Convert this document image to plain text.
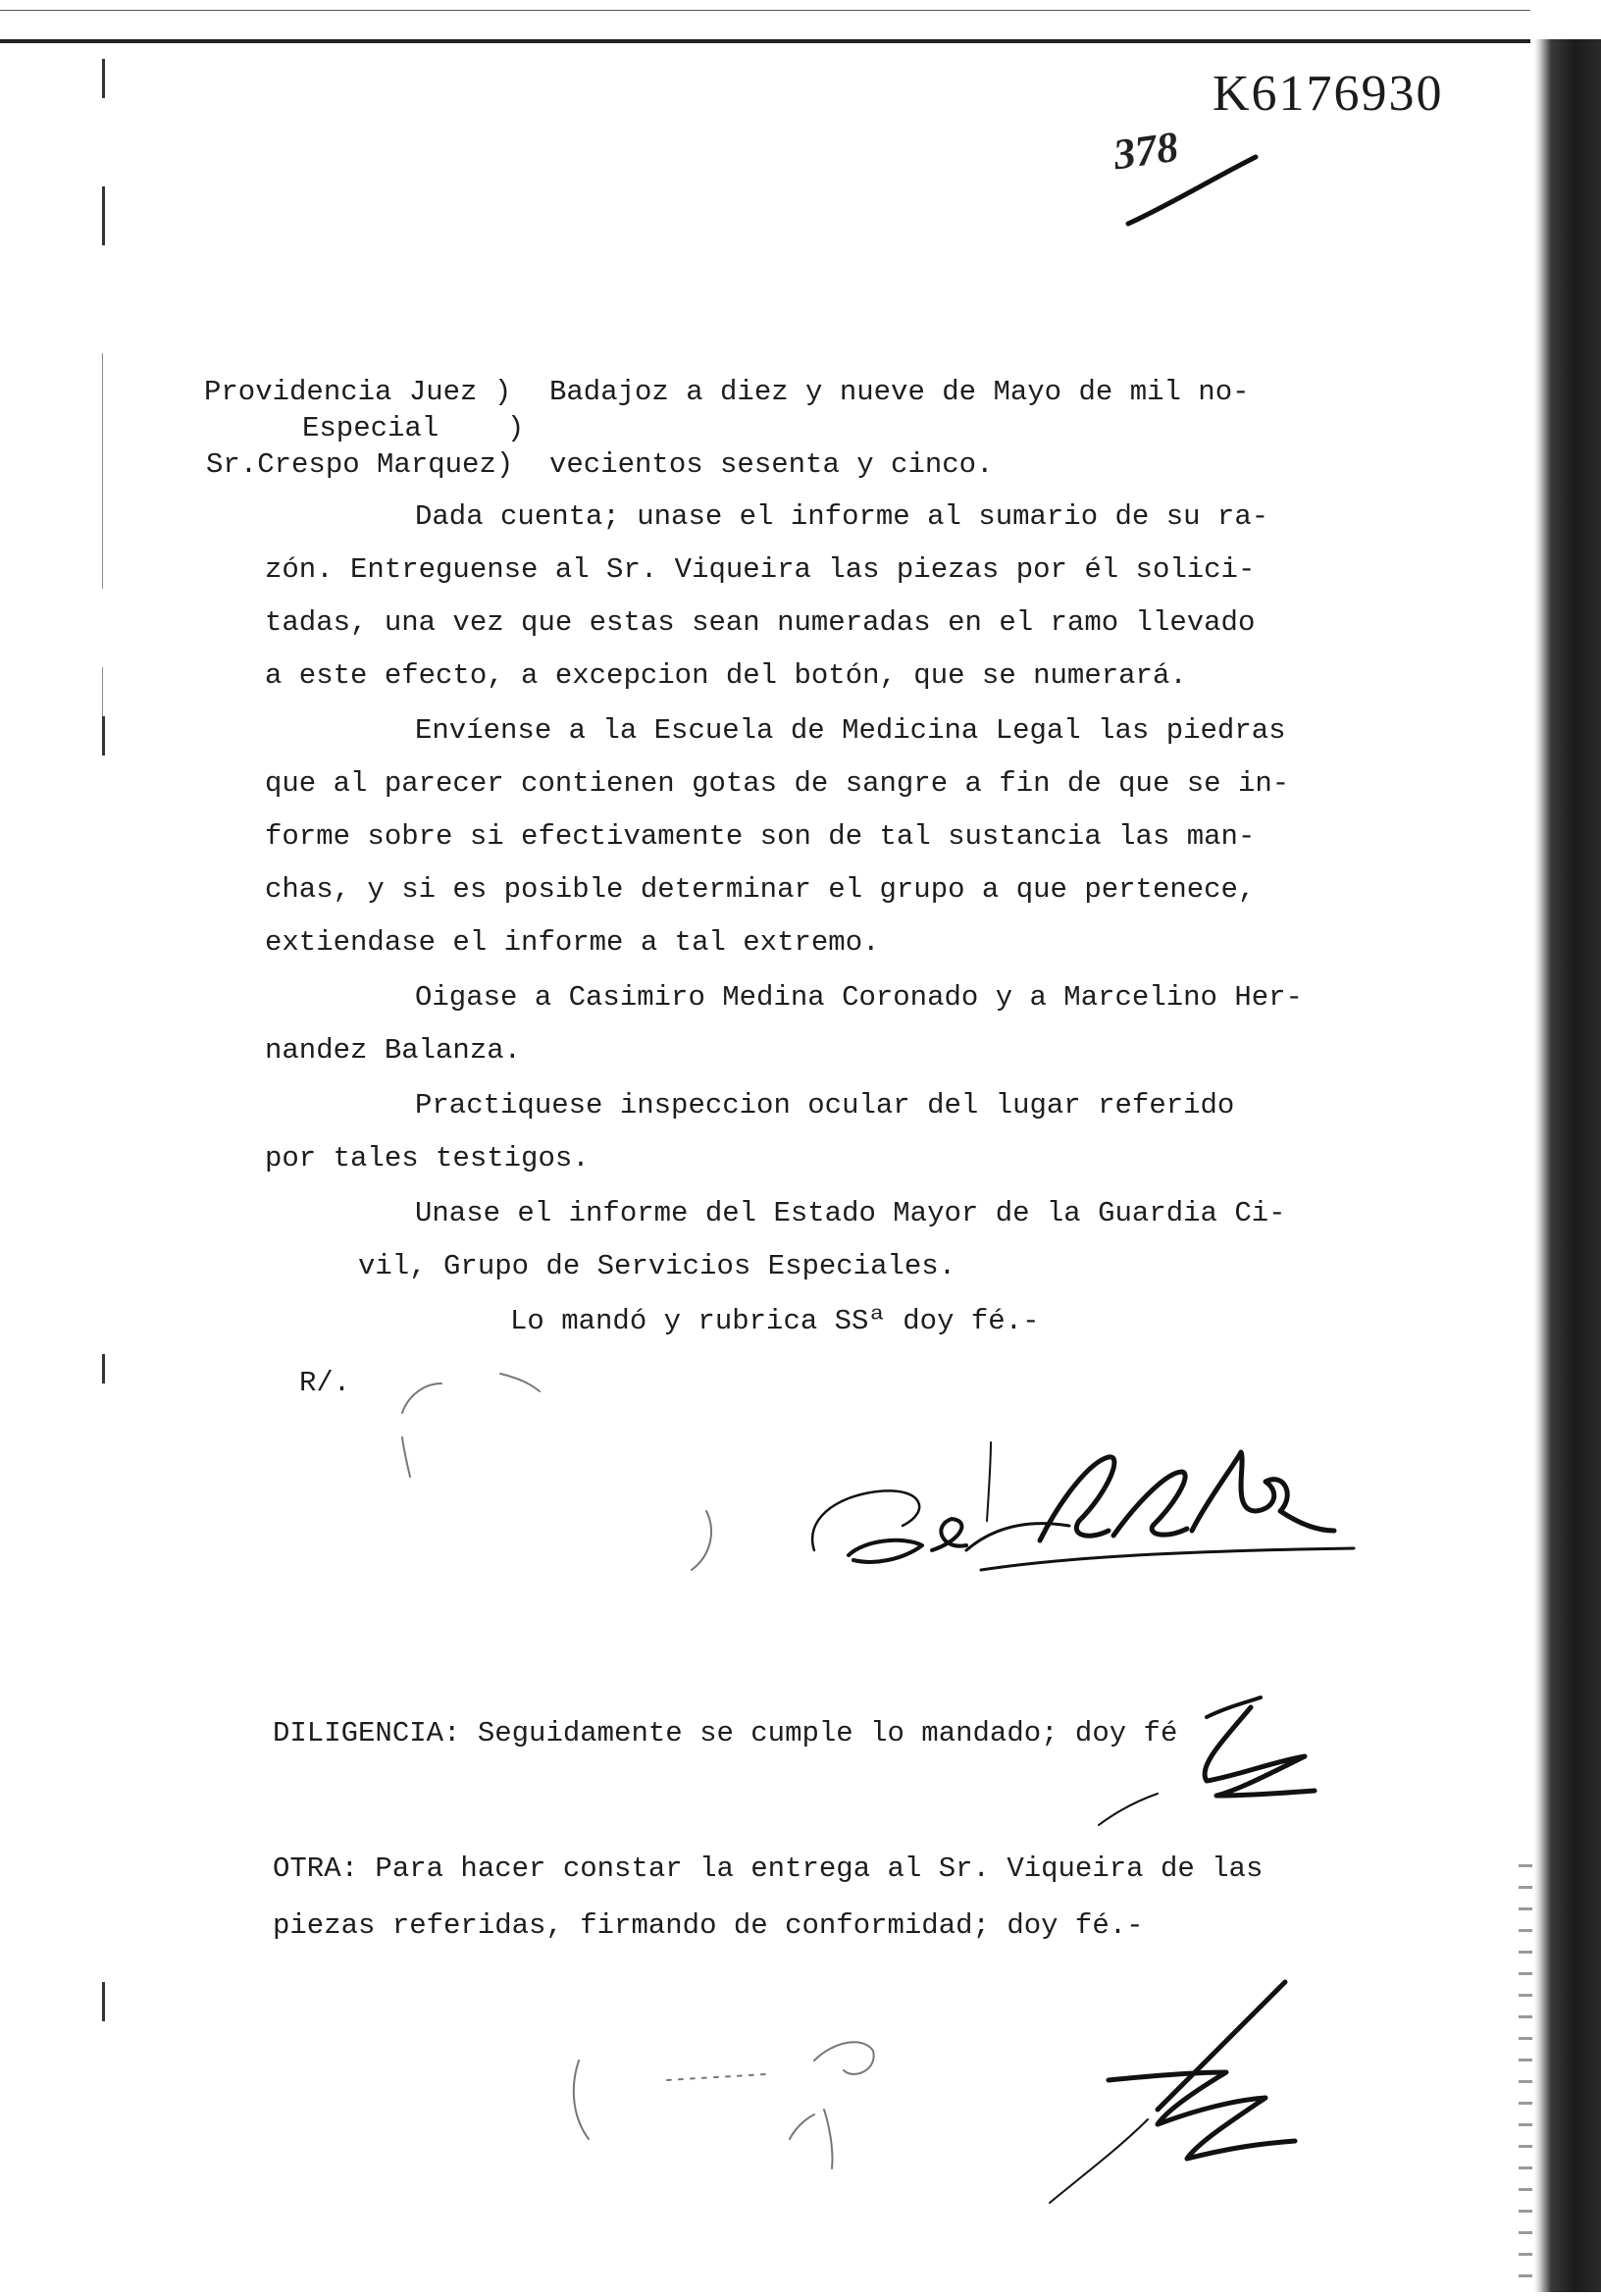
K6176930
378
Providencia Juez ) Badajoz a diez y nueve de Mayo de mil no-
Especial    )
Sr.Crespo Marquez) vecientos sesenta y cinco.
Dada cuenta; unase el informe al sumario de su ra-
zón. Entreguense al Sr. Viqueira las piezas por él solici-
tadas, una vez que estas sean numeradas en el ramo llevado
a este efecto, a excepcion del botón, que se numerará.
Envíense a la Escuela de Medicina Legal las piedras
que al parecer contienen gotas de sangre a fin de que se in-
forme sobre si efectivamente son de tal sustancia las man-
chas, y si es posible determinar el grupo a que pertenece,
extiendase el informe a tal extremo.
Oigase a Casimiro Medina Coronado y a Marcelino Her-
nandez Balanza.
Practiquese inspeccion ocular del lugar referido
por tales testigos.
Unase el informe del Estado Mayor de la Guardia Ci-
vil, Grupo de Servicios Especiales.
Lo mandó y rubrica SSª doy fé.-
R/.
DILIGENCIA: Seguidamente se cumple lo mandado; doy fé
OTRA: Para hacer constar la entrega al Sr. Viqueira de las
piezas referidas, firmando de conformidad; doy fé.-
